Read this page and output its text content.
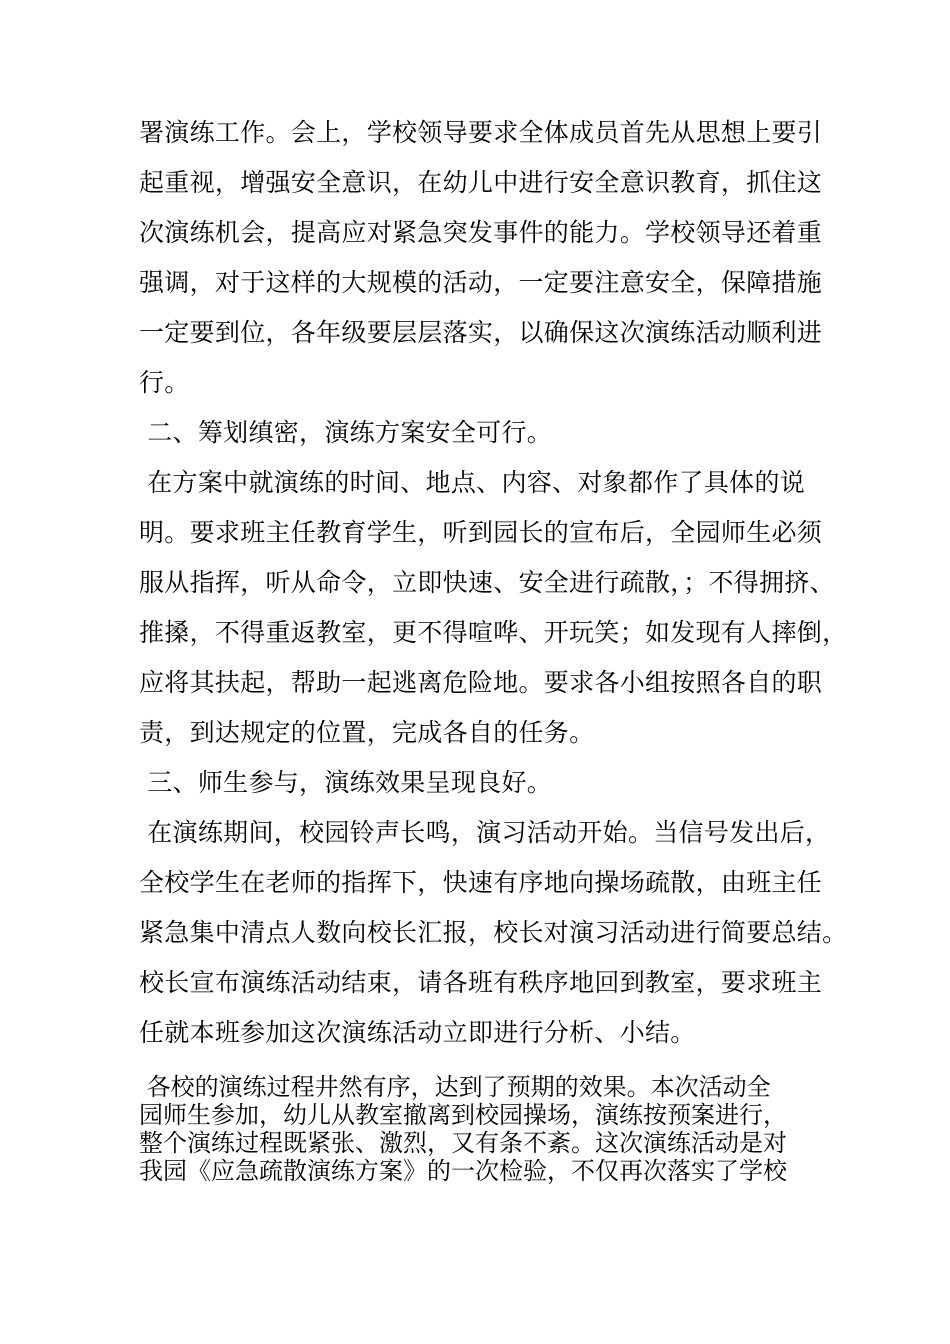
署演练工作。会上，学校领导要求全体成员首先从思想上要引
起重视，增强安全意识，在幼儿中进行安全意识教育，抓住这
次演练机会，提高应对紧急突发事件的能力。学校领导还着重
强调，对于这样的大规模的活动，一定要注意安全，保障措施
一定要到位，各年级要层层落实，以确保这次演练活动顺利进
行。
二、筹划缜密，演练方案安全可行。
在方案中就演练的时间、地点、内容、对象都作了具体的说
明。要求班主任教育学生，听到园长的宣布后，全园师生必须
服从指挥，听从命令，立即快速、安全进行疏散，；不得拥挤、
推搡，不得重返教室，更不得喧哗、开玩笑；如发现有人摔倒，
应将其扶起，帮助一起逃离危险地。要求各小组按照各自的职
责，到达规定的位置，完成各自的任务。
三、师生参与，演练效果呈现良好。
在演练期间，校园铃声长鸣，演习活动开始。当信号发出后，
全校学生在老师的指挥下，快速有序地向操场疏散，由班主任
紧急集中清点人数向校长汇报，校长对演习活动进行简要总结。
校长宣布演练活动结束，请各班有秩序地回到教室，要求班主
任就本班参加这次演练活动立即进行分析、小结。
各校的演练过程井然有序，达到了预期的效果。本次活动全
园师生参加，幼儿从教室撤离到校园操场，演练按预案进行，
整个演练过程既紧张、激烈，又有条不紊。这次演练活动是对
我园《应急疏散演练方案》的一次检验，不仅再次落实了学校
